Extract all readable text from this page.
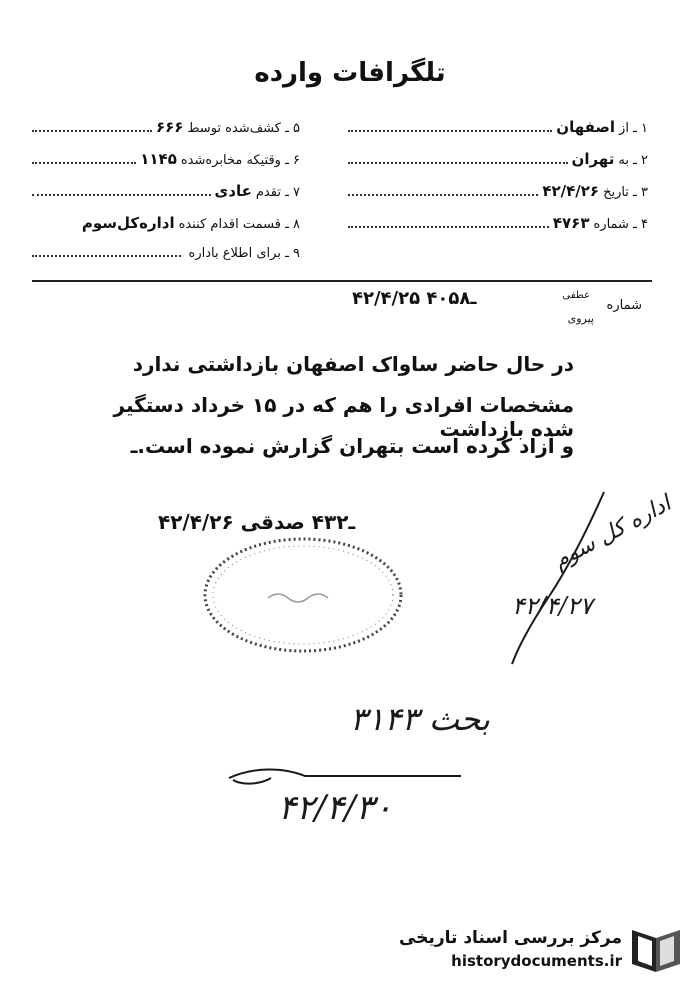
تلگرافات وارده
۱ ـ از
اصفهان
۲ ـ به
تهران
۳ ـ تاریخ
۴۲/۴/۲۶
۴ ـ شماره
۴۷۶۳
۵ ـ کشف‌شده توسط
۶۶۶
۶ ـ وقتیکه مخابره‌شده
۱۱۴۵
۷ ـ تقدم
عادی
۸ ـ قسمت اقدام کننده
اداره‌کل‌سوم
۹ ـ برای اطلاع باداره
شماره
عطفی
پیروی
۴۲/۴/۲۵ ـ۴۰۵۸
در حال حاضر ساواک اصفهان بازداشتی ندارد
مشخصات افرادی را هم که در ۱۵ خرداد دستگیر شده بازداشت
و آزاد کرده است بتهران گزارش نموده است.ـ
۴۲/۴/۲۶ ـ۴۳۲ صدقی	اداره کل سوم
۴۲/۴/۲۷
بحث ۳۱۴۳
۴۲/۴/۳۰
مرکز بررسی اسناد تاریخی
historydocuments.ir
